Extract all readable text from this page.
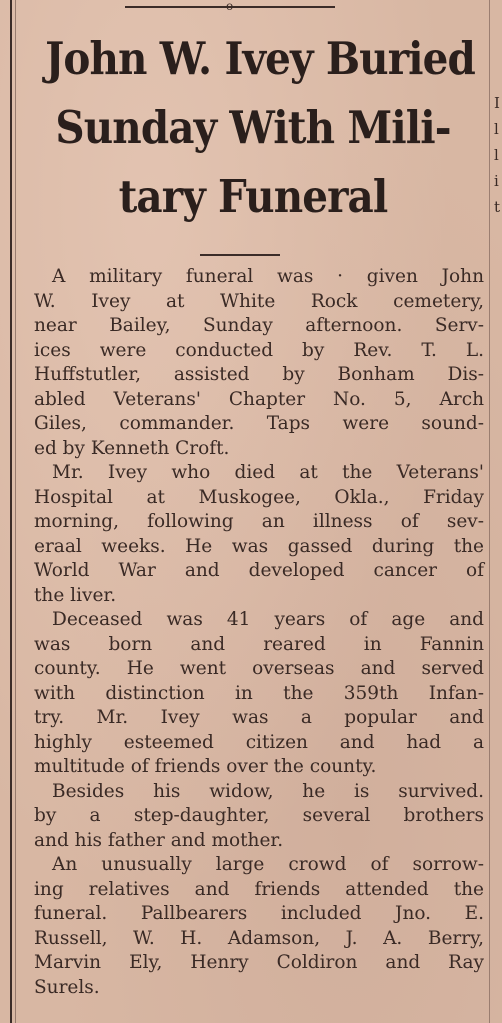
I
l
l
i
t
o
John W. Ivey Buried
Sunday With Mili-
tary Funeral
A military funeral was · given John
W. Ivey at White Rock cemetery,
near Bailey, Sunday afternoon. Serv-
ices were conducted by Rev. T. L.
Huffstutler, assisted by Bonham Dis-
abled Veterans' Chapter No. 5, Arch
Giles, commander. Taps were sound-
ed by Kenneth Croft.
Mr. Ivey who died at the Veterans'
Hospital at Muskogee, Okla., Friday
morning, following an illness of sev-
eraal weeks. He was gassed during the
World War and developed cancer of
the liver.
Deceased was 41 years of age and
was born and reared in Fannin
county. He went overseas and served
with distinction in the 359th Infan-
try. Mr. Ivey was a popular and
highly esteemed citizen and had a
multitude of friends over the county.
Besides his widow, he is survived.
by a step-daughter, several brothers
and his father and mother.
An unusually large crowd of sorrow-
ing relatives and friends attended the
funeral. Pallbearers included Jno. E.
Russell, W. H. Adamson, J. A. Berry,
Marvin Ely, Henry Coldiron and Ray
Surels.
